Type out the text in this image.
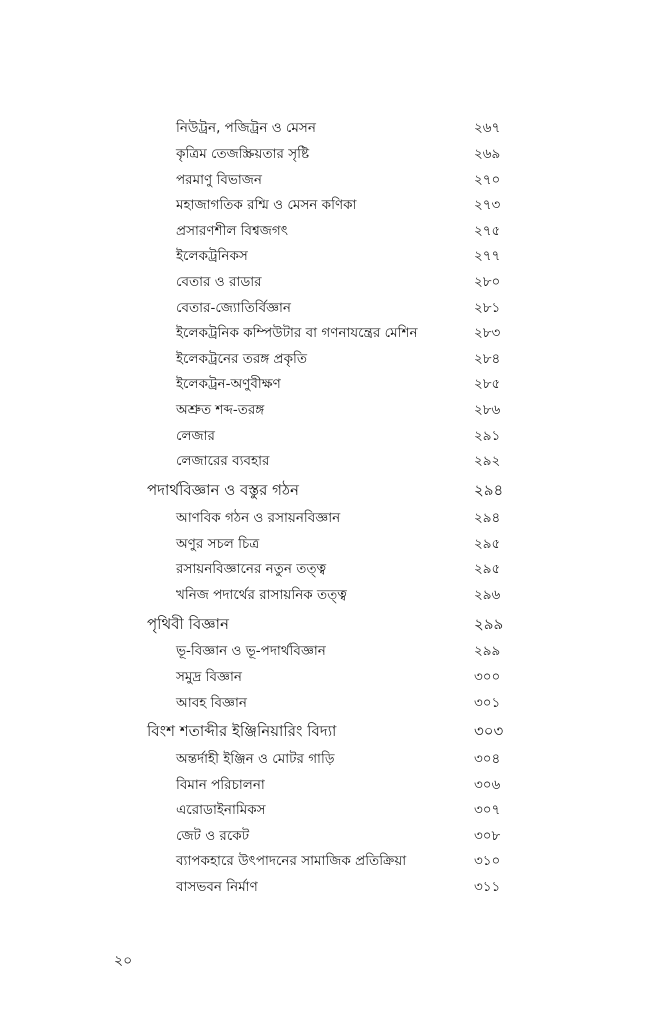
নিউট্রন, পজিট্রন ও মেসন	২৬৭
কৃত্রিম তেজস্ক্রিয়তার সৃষ্টি	২৬৯
পরমাণু বিভাজন	২৭০
মহাজাগতিক রশ্মি ও মেসন কণিকা	২৭৩
প্রসারণশীল বিশ্বজগৎ	২৭৫
ইলেকট্রনিকস	২৭৭
বেতার ও রাডার	২৮০
বেতার-জ্যোতির্বিজ্ঞান	২৮১
ইলেকট্রনিক কম্পিউটার বা গণনাযন্ত্রের মেশিন	২৮৩
ইলেকট্রনের তরঙ্গ প্রকৃতি	২৮৪
ইলেকট্রন-অণুবীক্ষণ	২৮৫
অশ্রুত শব্দ-তরঙ্গ	২৮৬
লেজার	২৯১
লেজারের ব্যবহার	২৯২
পদার্থবিজ্ঞান ও বস্তুর গঠন	২৯৪
আণবিক গঠন ও রসায়নবিজ্ঞান	২৯৪
অণুর সচল চিত্র	২৯৫
রসায়নবিজ্ঞানের নতুন তত্ত্ব	২৯৫
খনিজ পদার্থের রাসায়নিক তত্ত্ব	২৯৬
পৃথিবী বিজ্ঞান	২৯৯
ভূ-বিজ্ঞান ও ভূ-পদার্থবিজ্ঞান	২৯৯
সমুদ্র বিজ্ঞান	৩০০
আবহ বিজ্ঞান	৩০১
বিংশ শতাব্দীর ইঞ্জিনিয়ারিং বিদ্যা	৩০৩
অন্তর্দাহী ইঞ্জিন ও মোটর গাড়ি	৩০৪
বিমান পরিচালনা	৩০৬
এরোডাইনামিকস	৩০৭
জেট ও রকেট	৩০৮
ব্যাপকহারে উৎপাদনের সামাজিক প্রতিক্রিয়া	৩১০
বাসভবন নির্মাণ	৩১১
২০
